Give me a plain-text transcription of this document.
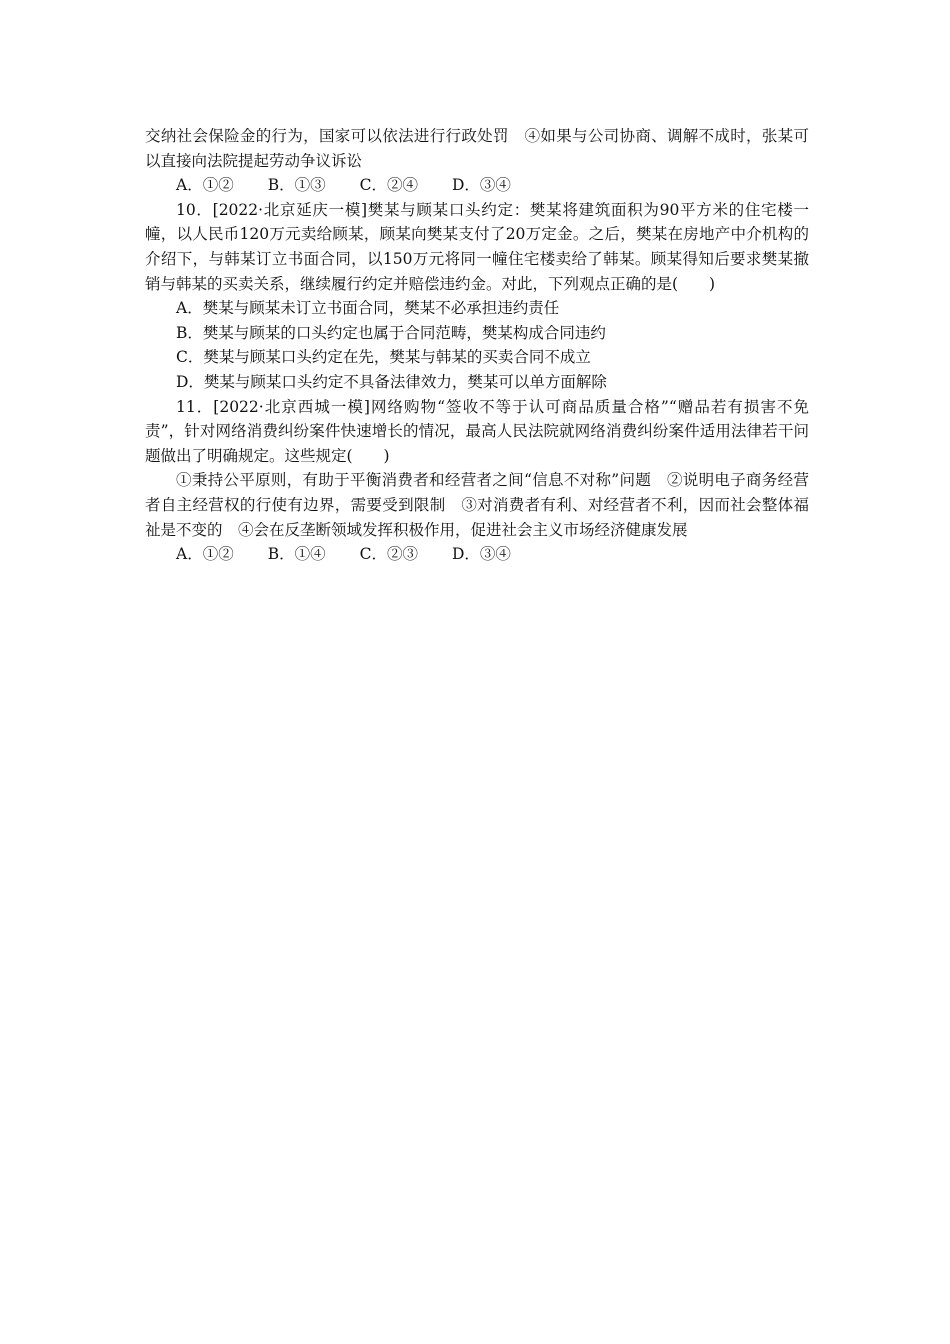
交纳社会保险金的行为，国家可以依法进行行政处罚　④如果与公司协商、调解不成时，张某可以直接向法院提起劳动争议诉讼

A．①② B．①③ C．②④ D．③④

10．[2022·北京延庆一模]樊某与顾某口头约定：樊某将建筑面积为90平方米的住宅楼一幢，以人民币120万元卖给顾某，顾某向樊某支付了20万定金。之后，樊某在房地产中介机构的介绍下，与韩某订立书面合同，以150万元将同一幢住宅楼卖给了韩某。顾某得知后要求樊某撤销与韩某的买卖关系，继续履行约定并赔偿违约金。对此，下列观点正确的是(　　)

A．樊某与顾某未订立书面合同，樊某不必承担违约责任

B．樊某与顾某的口头约定也属于合同范畴，樊某构成合同违约

C．樊某与顾某口头约定在先，樊某与韩某的买卖合同不成立

D．樊某与顾某口头约定不具备法律效力，樊某可以单方面解除

11．[2022·北京西城一模]网络购物“签收不等于认可商品质量合格”“赠品若有损害不免责”，针对网络消费纠纷案件快速增长的情况，最高人民法院就网络消费纠纷案件适用法律若干问题做出了明确规定。这些规定(　　)

①秉持公平原则，有助于平衡消费者和经营者之间“信息不对称”问题　②说明电子商务经营者自主经营权的行使有边界，需要受到限制　③对消费者有利、对经营者不利，因而社会整体福祉是不变的　④会在反垄断领域发挥积极作用，促进社会主义市场经济健康发展

A．①② B．①④ C．②③ D．③④
